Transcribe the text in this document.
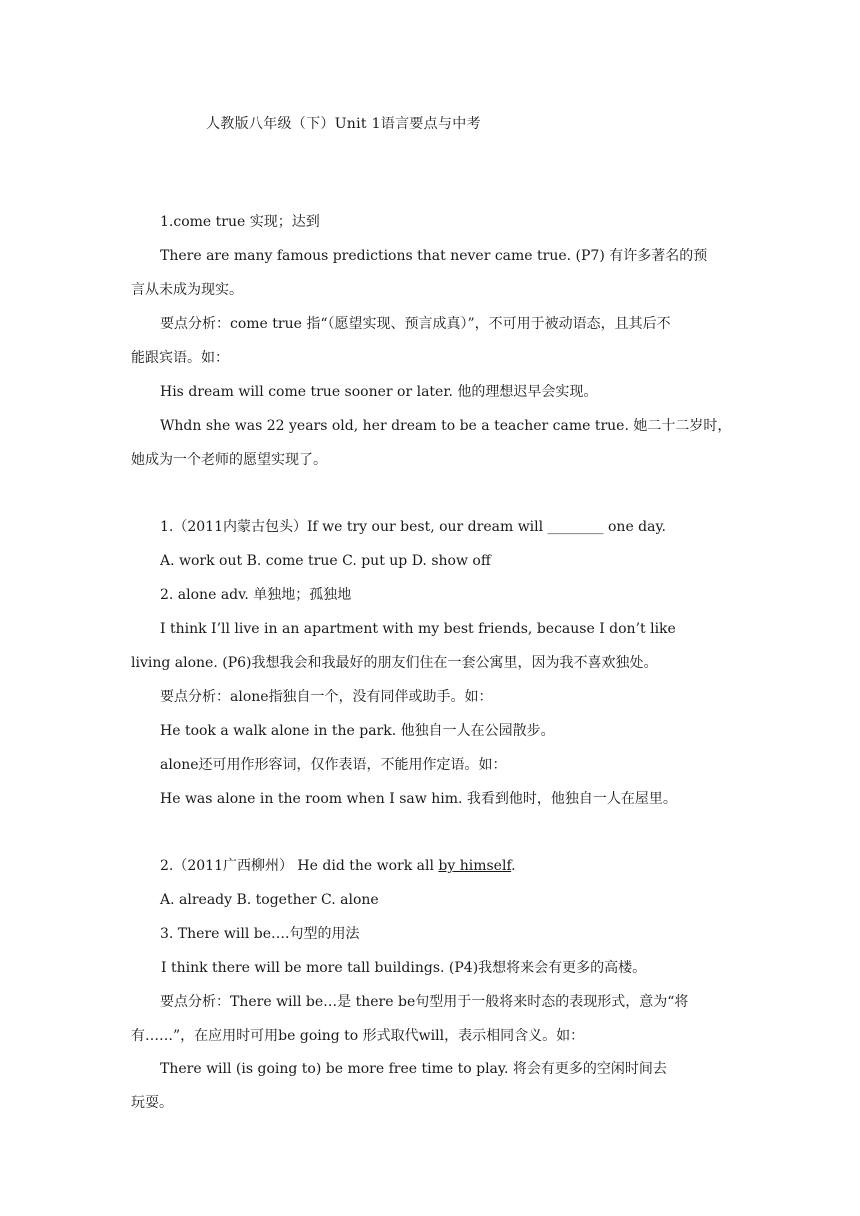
人教版八年级（下）Unit 1语言要点与中考
1.come true 实现；达到
There are many famous predictions that never came true. (P7) 有许多著名的预
言从未成为现实。
要点分析：come true 指“（愿望实现、预言成真）”，不可用于被动语态，且其后不
能跟宾语。如：
His dream will come true sooner or later. 他的理想迟早会实现。
Whdn she was 22 years old, her dream to be a teacher came true. 她二十二岁时，
她成为一个老师的愿望实现了。
1.（2011内蒙古包头）If we try our best, our dream will ________ one day.
A. work out B. come true C. put up D. show off
2. alone adv. 单独地；孤独地
I think I’ll live in an apartment with my best friends, because I don’t like
living alone. (P6)我想我会和我最好的朋友们住在一套公寓里，因为我不喜欢独处。
要点分析：alone指独自一个，没有同伴或助手。如：
He took a walk alone in the park. 他独自一人在公园散步。
alone还可用作形容词，仅作表语，不能用作定语。如：
He was alone in the room when I saw him. 我看到他时，他独自一人在屋里。
2.（2011广西柳州） He did the work all by himself.
A. already B. together C. alone
3. There will be….句型的用法
I think there will be more tall buildings. (P4)我想将来会有更多的高楼。
要点分析：There will be…是 there be句型用于一般将来时态的表现形式，意为“将
有……”，在应用时可用be going to 形式取代will，表示相同含义。如：
There will (is going to) be more free time to play. 将会有更多的空闲时间去
玩耍。
